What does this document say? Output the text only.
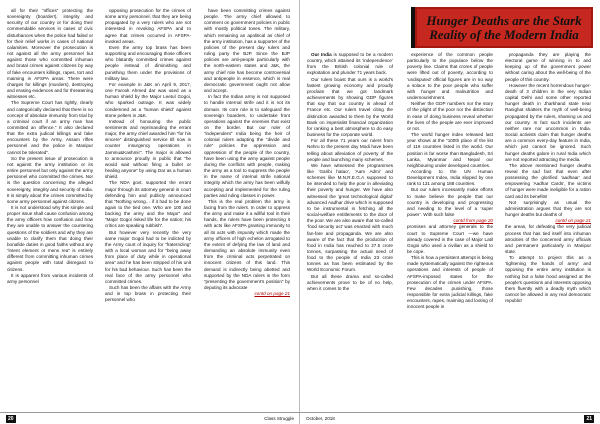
all for their “offices” protecting the sovereignty (boarder!), integrity and security of our country or for doing their commendable services in cases of civic disturbances when the police had failed or for their relief works in cases of national calamities. Moreover the prosecution is not against all the army personnel but against those who committed inhuman and brutal crimes against citizens by way of fake encounters killings, rapes, tort and maiming in AFSPA areas. There were charges for killings (murders), destroying and erasing evidences and for threatening witnesses etc.

The Supreme Court has rightly, clearly and categorically declared that there is no concept of absolute immunity from trial by a criminal court if an army man has committed an offence.” It also declared that the extra judicial killings and fake encounters by the Army, Assam rifles personnel and the police in Manipur cannot be tolerated”.

So the present issue of prosecution is not against the army institution or its entire personnel but only against the army personnel who committed the crimes. Nor is the question concerning the alleged sovereignty, integrity and security of India. It is simply about the crimes committed by some army personnel against citizens.

It is not understood why this simple and proper issue shall cause confusion among the army officers how confusion and how they are unable to answer the countering questions of the soldiers and why they are unable to clarify them that doing their bonafide duties in good faiths without any “intent element or mens rea” is entirely different from committing inhuman crimes against people with total disregard to citizens.

It is apparent from various incidents of army personnel

opposing prosecution for the crimes of some army personnel, that they are being propagated by a very rulers who are not interested in revoking AFSPA and to agree that crimes occurred in AFSPA-invoked areas.

Even the army top brass has been supporting and encouraging those officers who blatantly committed crimes against people instead of diminishing and punishing them under the provisions of military law.

For example in J&K on April 9, 2017, one Farook Ahmed dar was used as a human shield by the Major Leetul Gogoi, who sparked outrage. It was widely condemned as a 'human shield' against stone pelters in J&K.

Instead of honouring the public sentiments and reprimanding the errant major, the army chief awarded him “for his sincere” distinguished service till now is counter insurgency operations in Jammu&Kashmir”. The major is allowed to announce proudly in public that “he would wait without firing a bullet or healing anyone” by using Dar as a human shield.

The NDA govt. supported the errant major through its attorney general in court defending him and publicly announced that “Nothing wrong… if it had to be done again to the tied one. Who are 100 and backing the army and the Major” and “Major Gogoi risked life for the nation; his critics are speaking rubbish”.

But however very recently the very same major Gogoi had to be indicted by the Army court of inquiry for “fraternizing” with a local woman and for “being away from place of duty while in operational area” and he has been stripped of his unit for his bad behaviour. Such has been the real face of the army personnel who committed crimes.

Such has been the affairs with the Army and in top brass in protecting their personnel who

have been committing crimes against people. The army chief allowed to comment on government policies in public with mostly political tones. The military, which remaining an apolitical as chief of the army institution, has a supporter of the policies of the present day rulers and ruling party the BJP. Since the BJP policies are anti-people particularly with the north-eastern states and J&K, the army chief role has become controversial and antipeople in essence, which is real democratic government ought not allow and accept.

In fact the Indian army is not supposed to handle internal strife and it is not its domain. Its core role is to safeguard the sovereign boarders, to undertake front operations against the enemies that exist on the border. But our ruler of “independent” India being the heir of colonial rulers adapting the “divide and rule” policies the oppression and oppression of the people of the country, have been using the army against people during the conflicts with people, making the army as a tool to suppress the people in the name of internal strife national integrity which the army has been wilfully accepting and implemented for the ruling parties and ruling classes in power.

This is the real problem the army is facing from the rulers. In order to oppress the army and make it a willful tool in their hands, the rulers have been protecting it with acts like AFSPA granting immunity to all its acts with impunity which made the army officers of high echelon arrogated to the extent of defying the law of land and demanding an absolute immunity even from the criminal acts perpetrated on innocent citizens of this land. This demand is indirectly being abetted and supported by the NDA rulers in the form “presenting the government's position” by deputing its advocate

contd on page 21
20	Class Struggle

Our India is supposed to be a modern country, which attained its ‘independence’ from the British colonial rule of exploitation and plunder 71 years back.

Our rulers boast that ours is a world's fastest growing economy and proudly proclaim that we got landmark achievements by showing GDP figures that say that our country is ahead of France etc. Our rulers travel citing the distinction awarded to them by the World Bank on imperialist financial organization for ranking a best atmosphere to do easy business for the corporate world.

For all these 71 years our rulers from Nehru to the present day Modi have been telling about alleviation of poverty of the people and launching many schemes.

We have witnessed the programmes like ‘Garibi hatao’, ‘Aam Admi’ and schemes like M.N.R.E.G.A supposed to be intended to help the poor in alleviating their poverty and hunger. We have also witnessed the ‘great technological digital’ advanced Aadhar drive which is supposed to be instrumental in fetching all the social-welfare entitlements to the door of the poor. We are also aware that so-called ‘food security act’ was enacted with much fan-fare and propaganda. We are also aware of the fact that the production of food in India has reached to 27.5 crore tonnes, surpassing the actual need of food to the people of India 23 crore tonnes as has been estimated by the World Economic Forum.

But all these drama and so-called achievements prove to be of no help, when it comes to the

Hunger Deaths are the Stark Reality of the Modern India

experience of the common people particularly to the populace below the poverty line. Claims that crores of people were lifted out of poverty, according to ‘undisputed’ official figures are in no way a solace to the poor people who suffer with hunger and malnutrition and undernourishment.

Neither the GDP numbers nor the story of the plight of the poor nor the distinction in ease of doing business reveal whether the lives of the people are ever improved or not.

The world hunger index released last year shows at the “100th place of the list of 119 countries listed in the world. Our position is far worse than Bangladesh, Sri Lanka, Myanmar and Nepal our neighbouring under developed countries.

According to the UN Human Development Index, India slipped by one rank to 131 among 188 countries.

But our rulers incessantly make efforts to make believe the people that our country is developing and progressing and needing to the level of a ‘super power’. With such false

contd from page 20

promises and attorney generals to the court to Supreme Court —we have already covered in the case of Major Latil Gogoi who used a civilian as a shield to be cope.

This is how a persistent attempt is being made systematically against the righteous operations and interests of people of AFSPA-imposed states for the prosecution of the crimes under AFSPA. Few decades punishing, those responsible for extra judicial killings, fake encounters, rapes, maiming and looting of innocent people in

propaganda they are playing the electoral game of winning in to and keeping up of the government power without caring about the well-being of the people of this country.

However the recent horrendous hunger-death of 3 children in the very Indian capital Delhi and some other reported hunger death in Jharkhand state near Ranighat shatters the myth of well-being propagated by the rulers, shaming us and our country. In fact such incidents are neither rare nor uncommon in India. Social activists claim that hunger deaths are a common every-day feature in India, which just cannot be ignored. Such hunger deaths galore in rural India which are not reported attracting the media.

The above mentioned hunger deaths reveal the sad fact that even after possessing the glorified ‘aadhaar’ and empowering ‘Aadhar Cards’, the victims of hunger were made ineligible for a ration card and its benefits!

Not surprisingly as usual the administration argues that they are not hunger deaths but deaths of

contd on page 21

the areas, for defeating the very judicial process that has tied itself into inhuman atrocities of the concerned army officials and permanent particularly in Manipur state.

To attempt to project this as a ‘tightening the hands of army’ and opposing the entire army institution is nothing but a false hood assigned at the people's questions and interests opposing them fluently with a deadly myth which cannot be allowed in any real democratic republic!

October, 2018	21
